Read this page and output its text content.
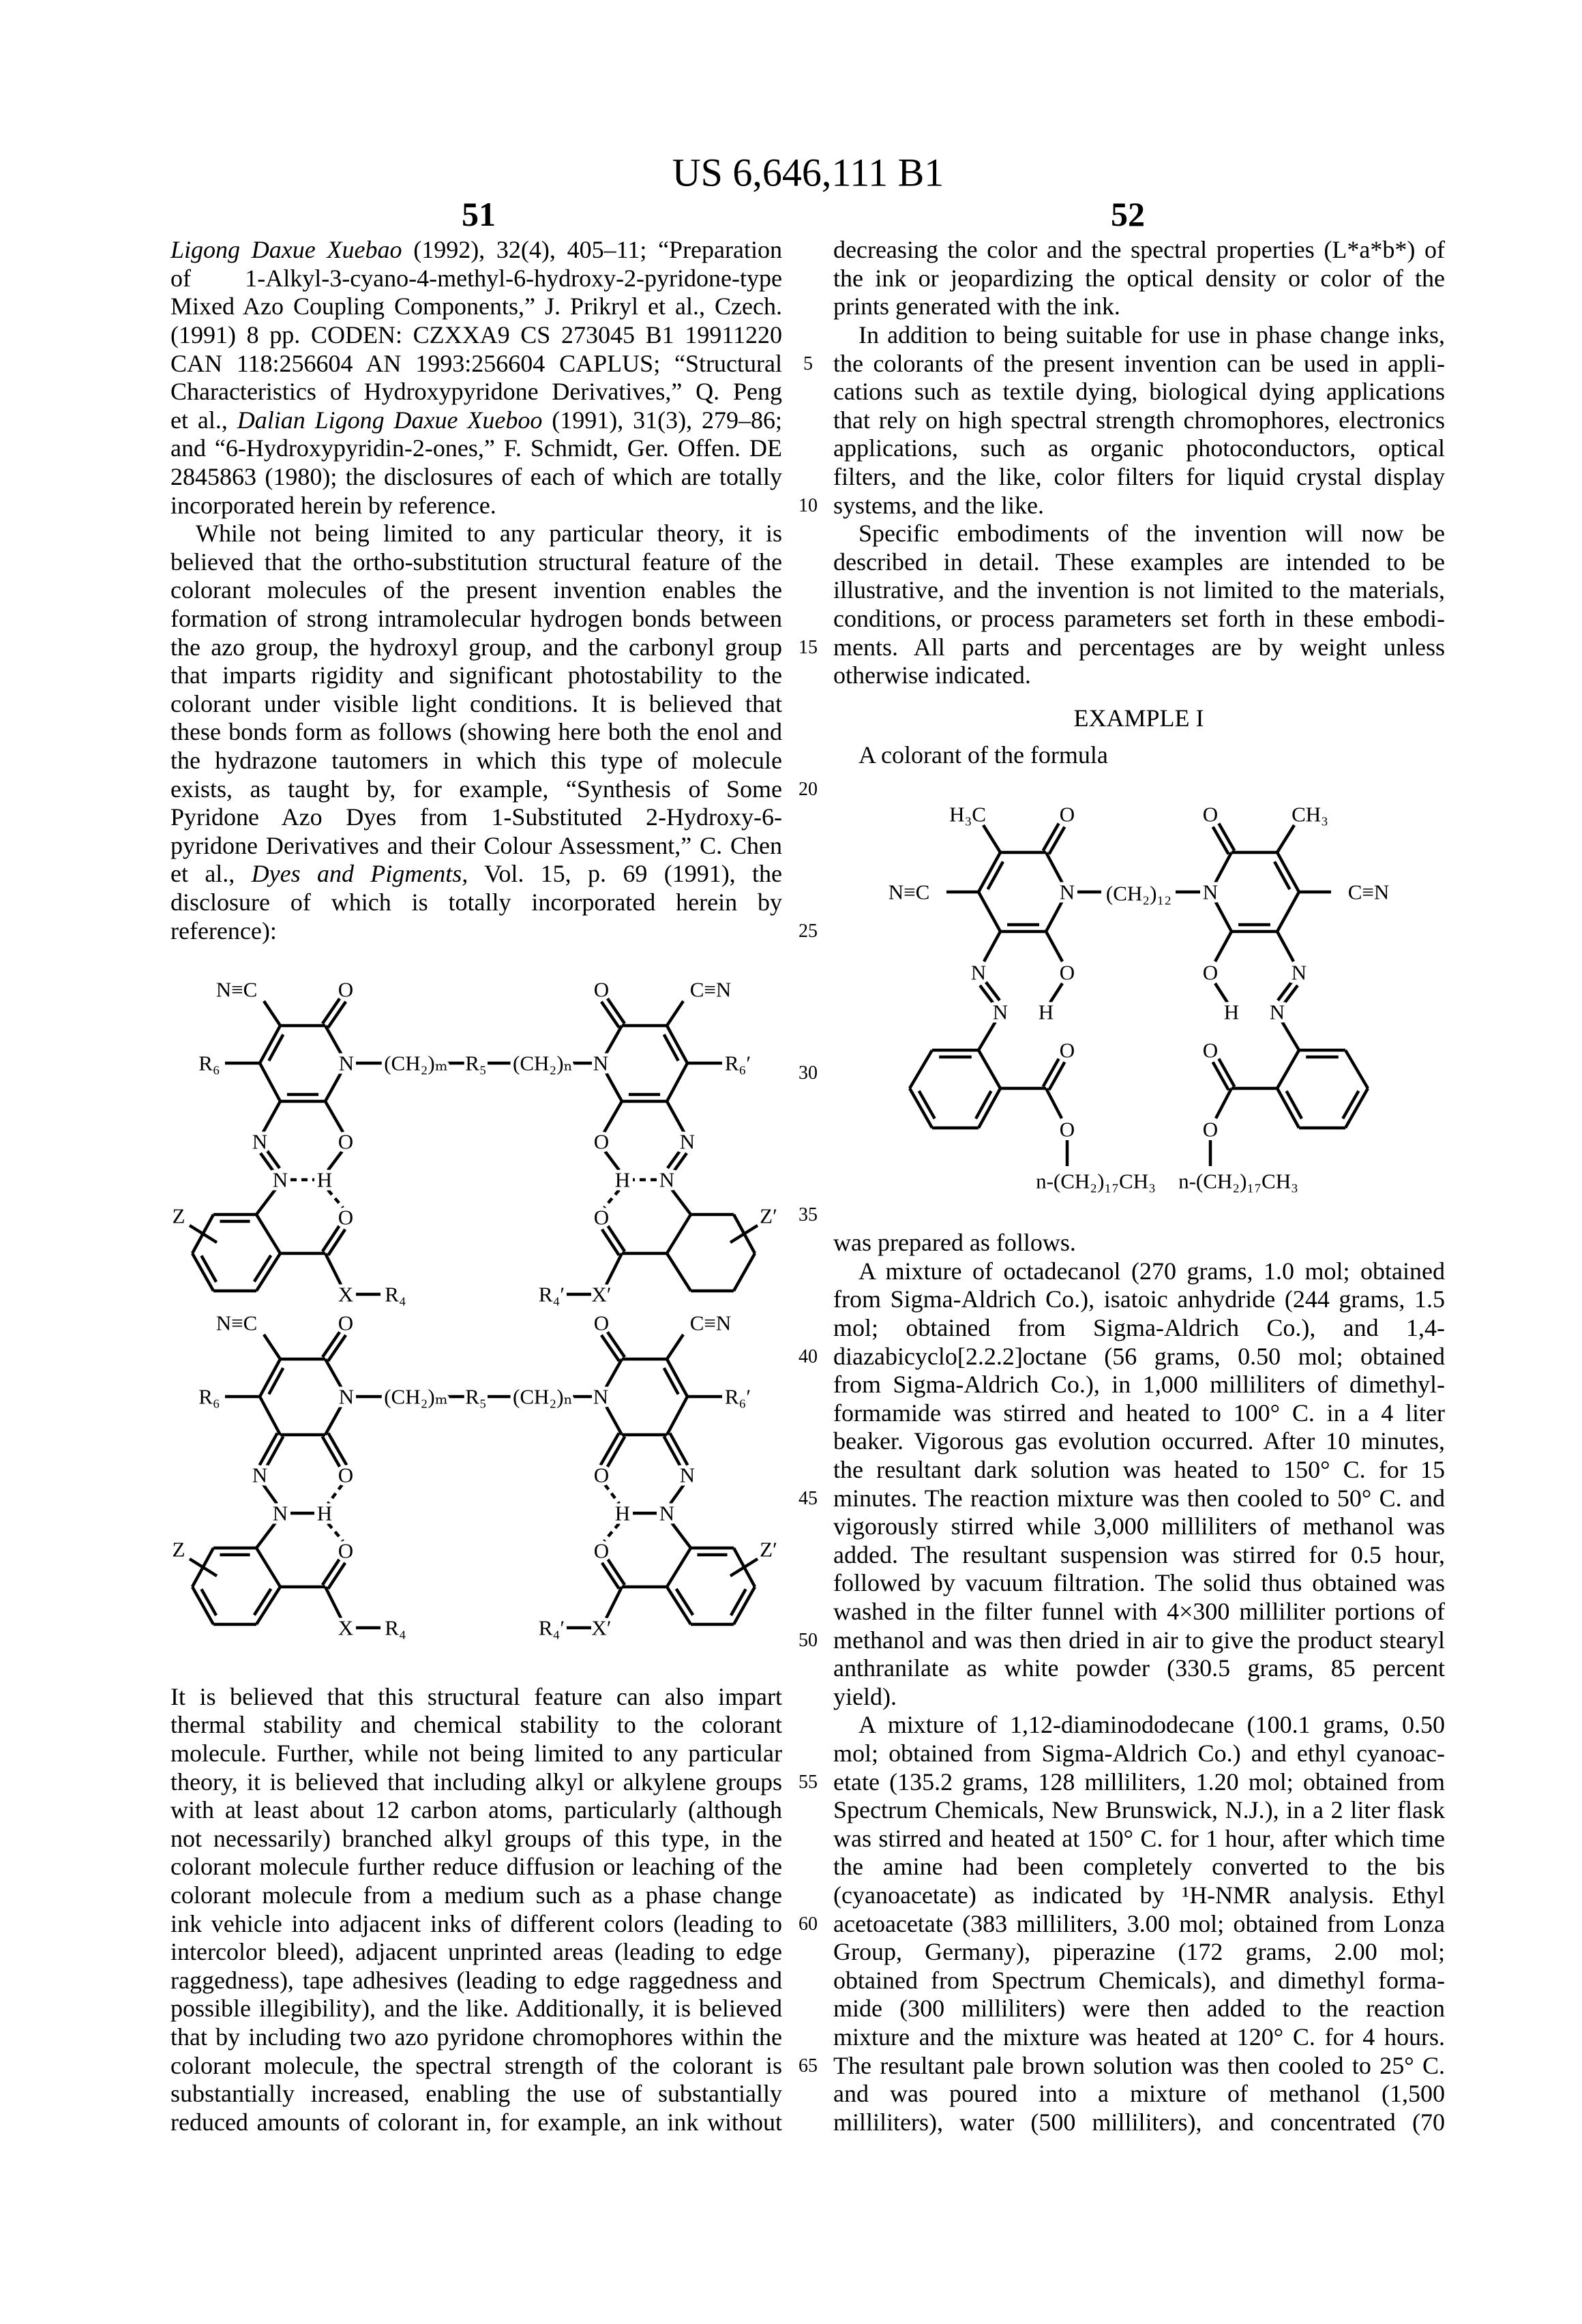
US 6,646,111 B1
51	52
EXAMPLE I
Ligong Daxue Xuebao (1992), 32(4), 405–11; “Preparation
of 1-Alkyl-3-cyano-4-methyl-6-hydroxy-2-pyridone-type
Mixed Azo Coupling Components,” J. Prikryl et al., Czech.
(1991) 8 pp. CODEN: CZXXA9 CS 273045 B1 19911220
CAN 118:256604 AN 1993:256604 CAPLUS; “Structural
Characteristics of Hydroxypyridone Derivatives,” Q. Peng
et al., Dalian Ligong Daxue Xueboo (1991), 31(3), 279–86;
and “6-Hydroxypyridin-2-ones,” F. Schmidt, Ger. Offen. DE
2845863 (1980); the disclosures of each of which are totally
incorporated herein by reference.
While not being limited to any particular theory, it is
believed that the ortho-substitution structural feature of the
colorant molecules of the present invention enables the
formation of strong intramolecular hydrogen bonds between
the azo group, the hydroxyl group, and the carbonyl group
that imparts rigidity and significant photostability to the
colorant under visible light conditions. It is believed that
these bonds form as follows (showing here both the enol and
the hydrazone tautomers in which this type of molecule
exists, as taught by, for example, “Synthesis of Some
Pyridone Azo Dyes from 1-Substituted 2-Hydroxy-6-
pyridone Derivatives and their Colour Assessment,” C. Chen
et al., Dyes and Pigments, Vol. 15, p. 69 (1991), the
disclosure of which is totally incorporated herein by
reference):
It is believed that this structural feature can also impart
thermal stability and chemical stability to the colorant
molecule. Further, while not being limited to any particular
theory, it is believed that including alkyl or alkylene groups
with at least about 12 carbon atoms, particularly (although
not necessarily) branched alkyl groups of this type, in the
colorant molecule further reduce diffusion or leaching of the
colorant molecule from a medium such as a phase change
ink vehicle into adjacent inks of different colors (leading to
intercolor bleed), adjacent unprinted areas (leading to edge
raggedness), tape adhesives (leading to edge raggedness and
possible illegibility), and the like. Additionally, it is believed
that by including two azo pyridone chromophores within the
colorant molecule, the spectral strength of the colorant is
substantially increased, enabling the use of substantially
reduced amounts of colorant in, for example, an ink without
decreasing the color and the spectral properties (L*a*b*) of
the ink or jeopardizing the optical density or color of the
prints generated with the ink.
In addition to being suitable for use in phase change inks,
the colorants of the present invention can be used in appli-
cations such as textile dying, biological dying applications
that rely on high spectral strength chromophores, electronics
applications, such as organic photoconductors, optical
filters, and the like, color filters for liquid crystal display
systems, and the like.
Specific embodiments of the invention will now be
described in detail. These examples are intended to be
illustrative, and the invention is not limited to the materials,
conditions, or process parameters set forth in these embodi-
ments. All parts and percentages are by weight unless
otherwise indicated.
A colorant of the formula
was prepared as follows.
A mixture of octadecanol (270 grams, 1.0 mol; obtained
from Sigma-Aldrich Co.), isatoic anhydride (244 grams, 1.5
mol; obtained from Sigma-Aldrich Co.), and 1,4-
diazabicyclo[2.2.2]octane (56 grams, 0.50 mol; obtained
from Sigma-Aldrich Co.), in 1,000 milliliters of dimethyl-
formamide was stirred and heated to 100° C. in a 4 liter
beaker. Vigorous gas evolution occurred. After 10 minutes,
the resultant dark solution was heated to 150° C. for 15
minutes. The reaction mixture was then cooled to 50° C. and
vigorously stirred while 3,000 milliliters of methanol was
added. The resultant suspension was stirred for 0.5 hour,
followed by vacuum filtration. The solid thus obtained was
washed in the filter funnel with 4×300 milliliter portions of
methanol and was then dried in air to give the product stearyl
anthranilate as white powder (330.5 grams, 85 percent
yield).
A mixture of 1,12-diaminododecane (100.1 grams, 0.50
mol; obtained from Sigma-Aldrich Co.) and ethyl cyanoac-
etate (135.2 grams, 128 milliliters, 1.20 mol; obtained from
Spectrum Chemicals, New Brunswick, N.J.), in a 2 liter flask
was stirred and heated at 150° C. for 1 hour, after which time
the amine had been completely converted to the bis
(cyanoacetate) as indicated by ¹H-NMR analysis. Ethyl
acetoacetate (383 milliliters, 3.00 mol; obtained from Lonza
Group, Germany), piperazine (172 grams, 2.00 mol;
obtained from Spectrum Chemicals), and dimethyl forma-
mide (300 milliliters) were then added to the reaction
mixture and the mixture was heated at 120° C. for 4 hours.
The resultant pale brown solution was then cooled to 25° C.
and was poured into a mixture of methanol (1,500
milliliters), water (500 milliliters), and concentrated (70
5
10
15
20
25
30
35
40
45
50
55
60
65
N≡C	O
R₆	N
O
N
N H
Z	O
X R₄
C≡N
O
R₆′
N
O	N
N
H
Z′
O
X′
R₄′
(CH₂)ₘ R₅ (CH₂)ₙ
N≡C	O
R₆	N
O
N
N H
Z	O
X R₄
C≡N
O
R₆′
N
O	N
N
H
Z′
O
X′
R₄′
(CH₂)ₘ R₅ (CH₂)ₙ
H₃C	O
N≡C	N
N
N
O
H
O
O
n-(CH₂)₁₇CH₃
CH₃
O
C≡N
N
N
N
O
H
O
O
n-(CH₂)₁₇CH₃
(CH₂)₁₂
